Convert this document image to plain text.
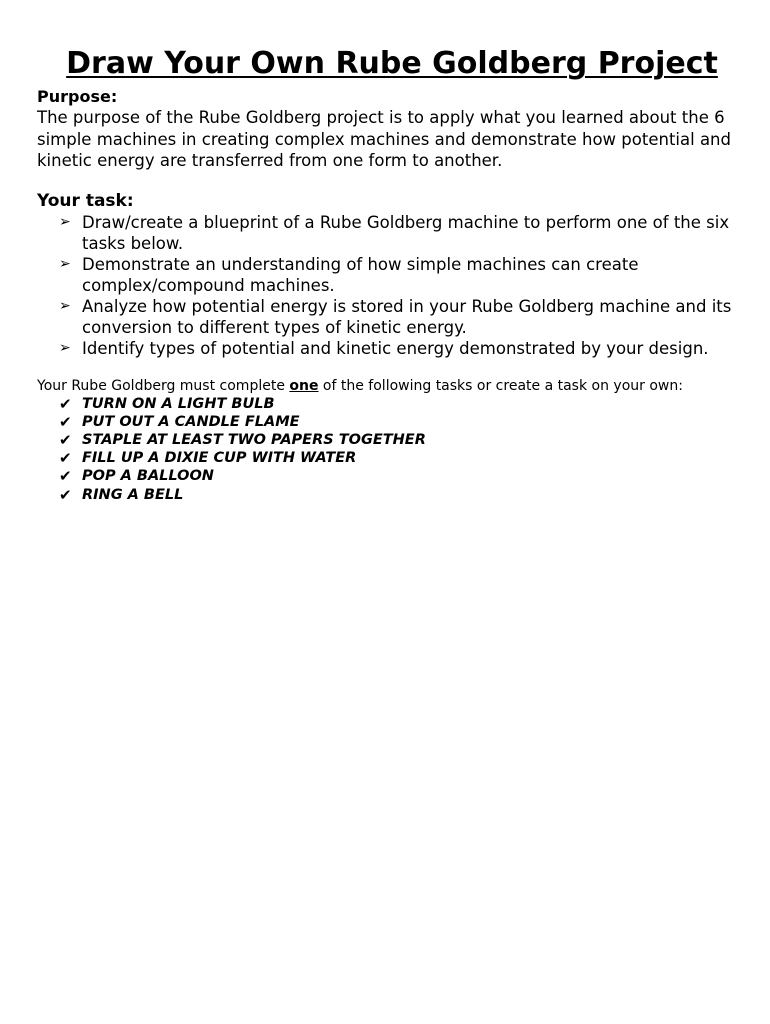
Draw Your Own Rube Goldberg Project
Purpose:

The purpose of the Rube Goldberg project is to apply what you learned about the 6 simple machines in creating complex machines and demonstrate how potential and kinetic energy are transferred from one form to another.

Your task:
➢ Draw/create a blueprint of a Rube Goldberg machine to perform one of the six tasks below.
➢ Demonstrate an understanding of how simple machines can create complex/compound machines.
➢ Analyze how potential energy is stored in your Rube Goldberg machine and its conversion to different types of kinetic energy.
➢ Identify types of potential and kinetic energy demonstrated by your design.

Your Rube Goldberg must complete one of the following tasks or create a task on your own:

✔ TURN ON A LIGHT BULB
✔ PUT OUT A CANDLE FLAME
✔ STAPLE AT LEAST TWO PAPERS TOGETHER
✔ FILL UP A DIXIE CUP WITH WATER
✔ POP A BALLOON
✔ RING A BELL
